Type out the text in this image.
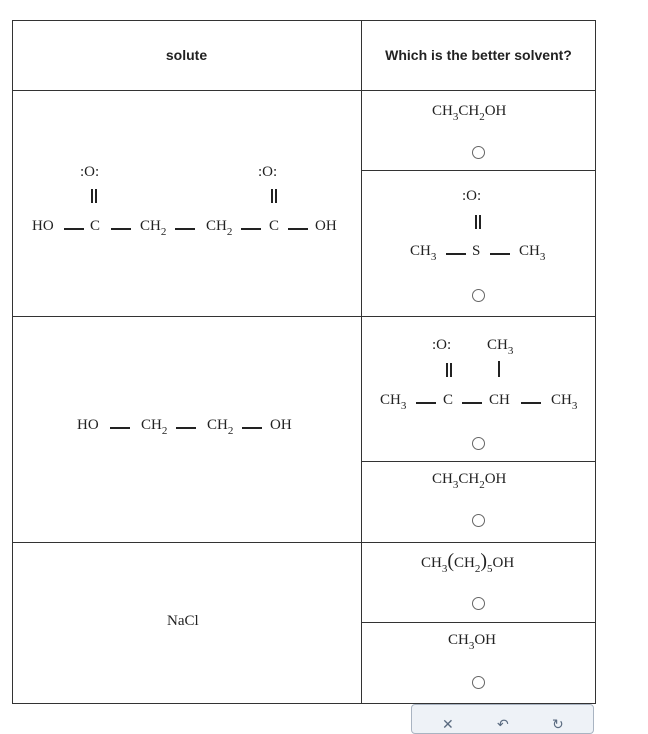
solute	Which is the better solvent?
:O:	:O:
HO C	$CH_2$	$CH_2$ C OH
$CH_3CH_2OH$
:O:
$CH_3$ S	$CH_3$
HO	$CH_2$	$CH_2$ OH
:O: $CH_3$
$CH_3$ C CH	$CH_3$
$CH_3CH_2OH$
NaCl
$CH_3(CH_2)_5OH$
$CH_3OH$
✕	↶	↻
